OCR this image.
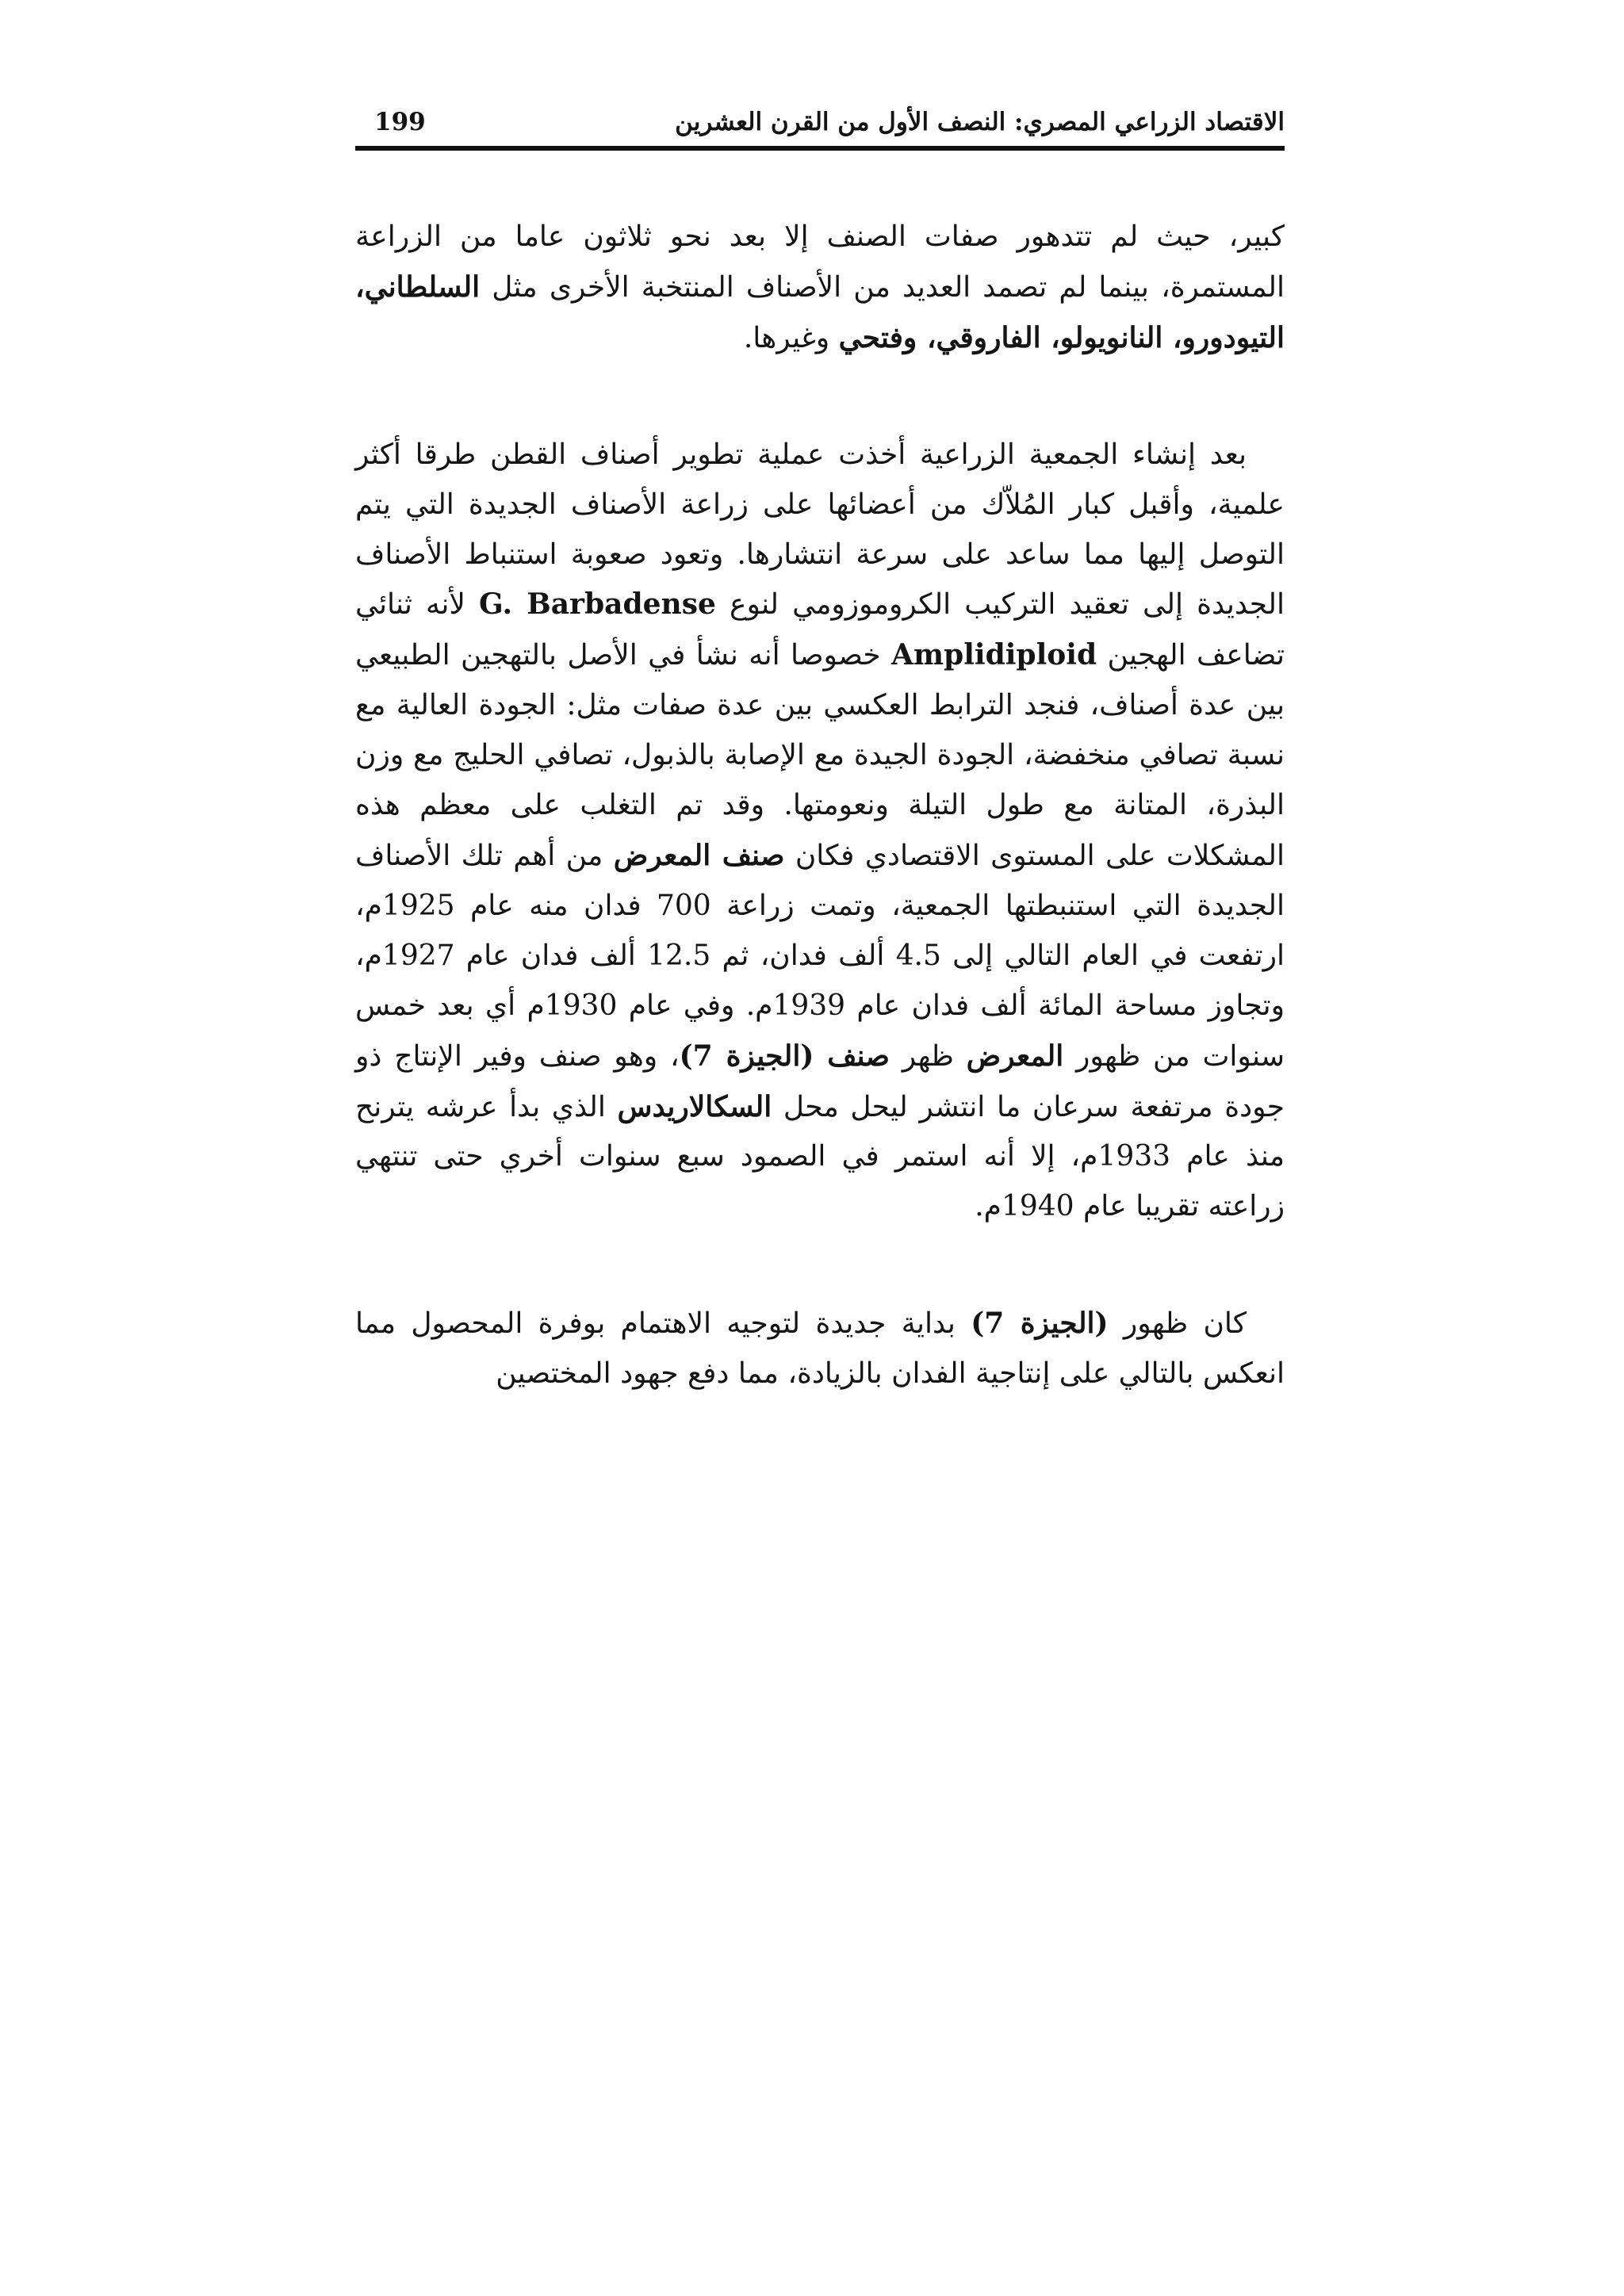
الاقتصاد الزراعي المصري: النصف الأول من القرن العشرين
199

كبير، حيث لم تتدهور صفات الصنف إلا بعد نحو ثلاثون عاما من الزراعة المستمرة، بينما لم تصمد العديد من الأصناف المنتخبة الأخرى مثل السلطاني، التيودورو، النانويولو، الفاروقي، وفتحي وغيرها.

بعد إنشاء الجمعية الزراعية أخذت عملية تطوير أصناف القطن طرقا أكثر علمية، وأقبل كبار المُلاّك من أعضائها على زراعة الأصناف الجديدة التي يتم التوصل إليها مما ساعد على سرعة انتشارها. وتعود صعوبة استنباط الأصناف الجديدة إلى تعقيد التركيب الكروموزومي لنوع G. Barbadense لأنه ثنائي تضاعف الهجين Amplidiploid خصوصا أنه نشأ في الأصل بالتهجين الطبيعي بين عدة أصناف، فنجد الترابط العكسي بين عدة صفات مثل: الجودة العالية مع نسبة تصافي منخفضة، الجودة الجيدة مع الإصابة بالذبول، تصافي الحليج مع وزن البذرة، المتانة مع طول التيلة ونعومتها. وقد تم التغلب على معظم هذه المشكلات على المستوى الاقتصادي فكان صنف المعرض من أهم تلك الأصناف الجديدة التي استنبطتها الجمعية، وتمت زراعة 700 فدان منه عام 1925م، ارتفعت في العام التالي إلى 4.5 ألف فدان، ثم 12.5 ألف فدان عام 1927م، وتجاوز مساحة المائة ألف فدان عام 1939م. وفي عام 1930م أي بعد خمس سنوات من ظهور المعرض ظهر صنف (الجيزة 7)، وهو صنف وفير الإنتاج ذو جودة مرتفعة سرعان ما انتشر ليحل محل السكالاريدس الذي بدأ عرشه يترنح منذ عام 1933م، إلا أنه استمر في الصمود سبع سنوات أخري حتى تنتهي زراعته تقريبا عام 1940م.

كان ظهور (الجيزة 7) بداية جديدة لتوجيه الاهتمام بوفرة المحصول مما انعكس بالتالي على إنتاجية الفدان بالزيادة، مما دفع جهود المختصين
